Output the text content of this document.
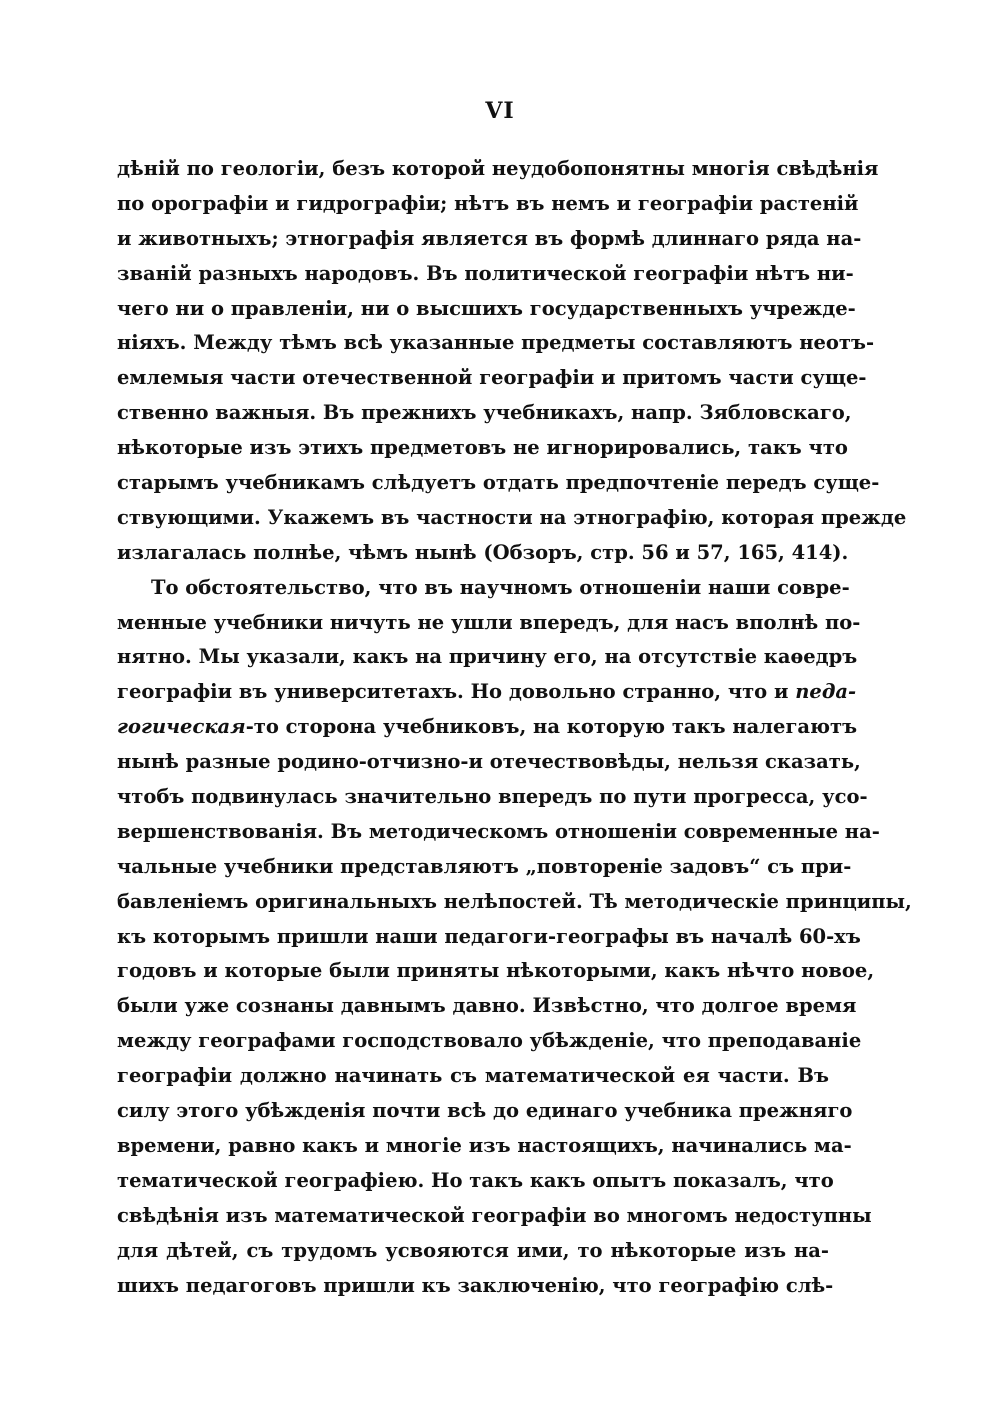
VI
дѣній по геологіи, безъ которой неудобопонятны многія свѣдѣнія
по орографіи и гидрографіи; нѣтъ въ немъ и географіи растеній
и животныхъ; этнографія является въ формѣ длиннаго ряда на-
званій разныхъ народовъ. Въ политической географіи нѣтъ ни-
чего ни о правленіи, ни о высшихъ государственныхъ учрежде-
ніяхъ. Между тѣмъ всѣ указанные предметы составляютъ неотъ-
емлемыя части отечественной географіи и притомъ части суще-
ственно важныя. Въ прежнихъ учебникахъ, напр. Зябловскаго,
нѣкоторые изъ этихъ предметовъ не игнорировались, такъ что
старымъ учебникамъ слѣдуетъ отдать предпочтеніе передъ суще-
ствующими. Укажемъ въ частности на этнографію, которая прежде
излагалась полнѣе, чѣмъ нынѣ (Обзоръ, стр. 56 и 57, 165, 414).
То обстоятельство, что въ научномъ отношеніи наши совре-
менные учебники ничуть не ушли впередъ, для насъ вполнѣ по-
нятно. Мы указали, какъ на причину его, на отсутствіе каѳедръ
географіи въ университетахъ. Но довольно странно, что и педа-
гогическая-то сторона учебниковъ, на которую такъ налегаютъ
нынѣ разные родино-отчизно-и отечествовѣды, нельзя сказать,
чтобъ подвинулась значительно впередъ по пути прогресса, усо-
вершенствованія. Въ методическомъ отношеніи современные на-
чальные учебники представляютъ „повтореніе задовъ“ съ при-
бавленіемъ оригинальныхъ нелѣпостей. Тѣ методическіе принципы,
къ которымъ пришли наши педагоги-географы въ началѣ 60-хъ
годовъ и которые были приняты нѣкоторыми, какъ нѣчто новое,
были уже сознаны давнымъ давно. Извѣстно, что долгое время
между географами господствовало убѣжденіе, что преподаваніе
географіи должно начинать съ математической ея части. Въ
силу этого убѣжденія почти всѣ до единаго учебника прежняго
времени, равно какъ и многіе изъ настоящихъ, начинались ма-
тематической географіею. Но такъ какъ опытъ показалъ, что
свѣдѣнія изъ математической географіи во многомъ недоступны
для дѣтей, съ трудомъ усвояются ими, то нѣкоторые изъ на-
шихъ педагоговъ пришли къ заключенію, что географію слѣ-
